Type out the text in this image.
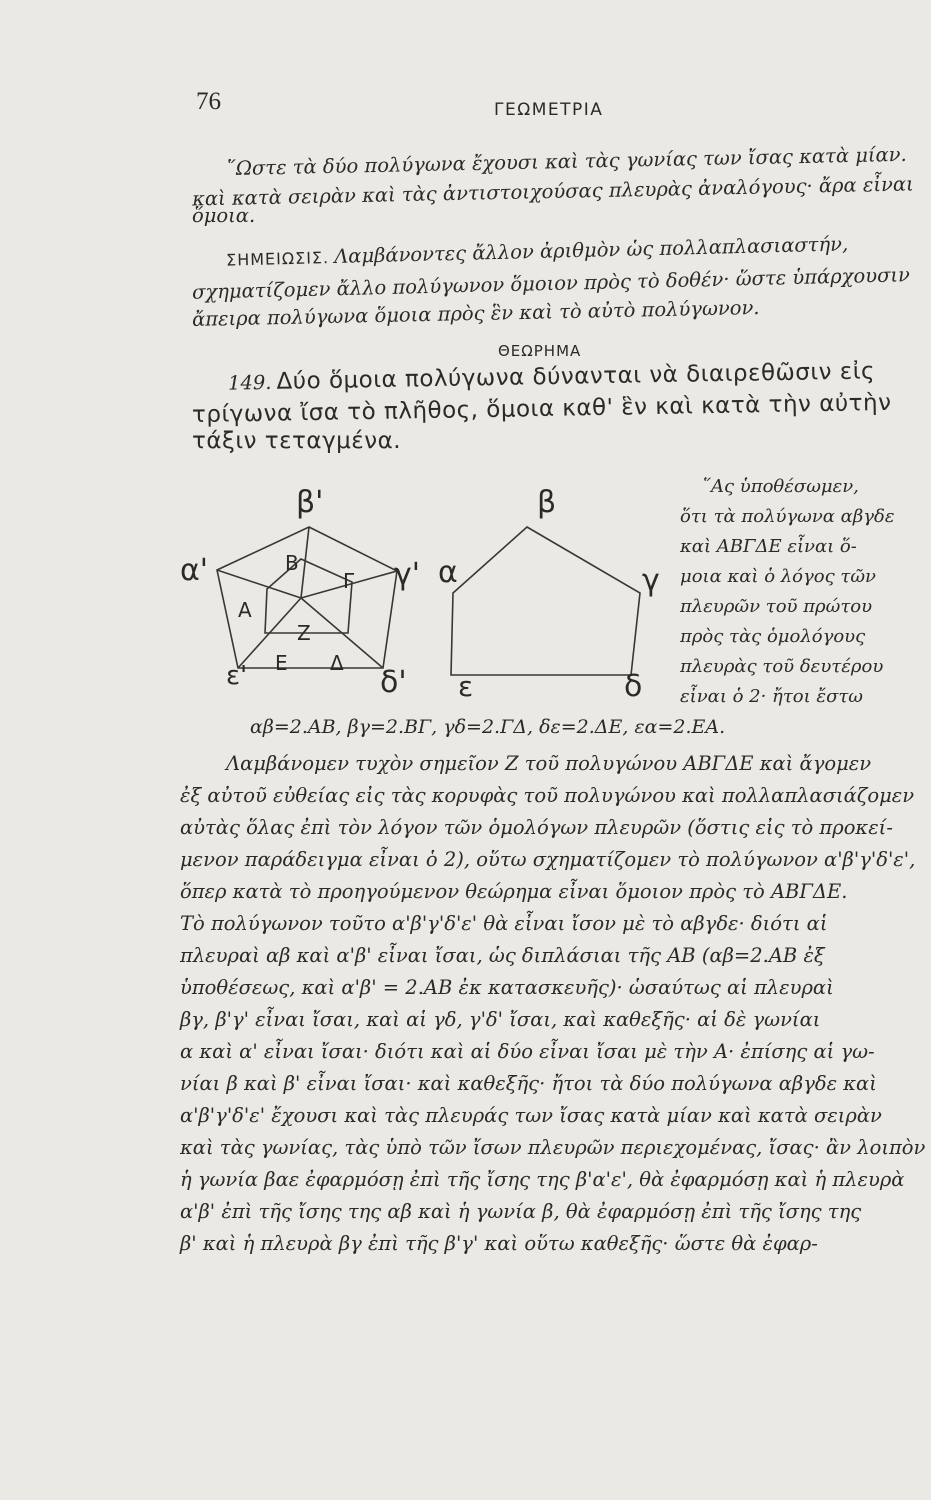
76	ΓΕΩΜΕΤΡΙΑ
῞Ωστε τὰ δύο πολύγωνα ἔχουσι καὶ τὰς γωνίας των ἴσας κατὰ μίαν.
καὶ κατὰ σειρὰν καὶ τὰς ἀντιστοιχούσας πλευρὰς ἀναλόγους· ἄρα εἶναι
ὅμοια.
ΣΗΜΕΙΩΣΙΣ. Λαμβάνοντες ἄλλον ἀριθμὸν ὡς πολλαπλασιαστήν,
σχηματίζομεν ἄλλο πολύγωνον ὅμοιον πρὸς τὸ δοθέν· ὥστε ὑπάρχουσιν
ἄπειρα πολύγωνα ὅμοια πρὸς ἓν καὶ τὸ αὐτὸ πολύγωνον.
ΘΕΩΡΗΜΑ
149. Δύο ὅμοια πολύγωνα δύνανται νὰ διαιρεθῶσιν εἰς
τρίγωνα ἴσα τὸ πλῆθος, ὅμοια καθ' ἓν καὶ κατὰ τὴν αὐτὴν
τάξιν τεταγμένα.
β'
α'	γ'
δ'
ε'
Β
Γ
Α
Ζ
Ε Δ
β
α	γ
ε	δ
῞Ας ὑποθέσωμεν,
ὅτι τὰ πολύγωνα αβγδε
καὶ ΑΒΓΔΕ εἶναι ὅ-
μοια καὶ ὁ λόγος τῶν
πλευρῶν τοῦ πρώτου
πρὸς τὰς ὁμολόγους
πλευρὰς τοῦ δευτέρου
εἶναι ὁ 2· ἤτοι ἔστω
αβ=2.ΑΒ, βγ=2.ΒΓ, γδ=2.ΓΔ, δε=2.ΔΕ, εα=2.ΕΑ.
Λαμβάνομεν τυχὸν σημεῖον Ζ τοῦ πολυγώνου ΑΒΓΔΕ καὶ ἄγομεν
ἐξ αὐτοῦ εὐθείας εἰς τὰς κορυφὰς τοῦ πολυγώνου καὶ πολλαπλασιάζομεν
αὐτὰς ὅλας ἐπὶ τὸν λόγον τῶν ὁμολόγων πλευρῶν (ὅστις εἰς τὸ προκεί-
μενον παράδειγμα εἶναι ὁ 2), οὕτω σχηματίζομεν τὸ πολύγωνον α'β'γ'δ'ε',
ὅπερ κατὰ τὸ προηγούμενον θεώρημα εἶναι ὅμοιον πρὸς τὸ ΑΒΓΔΕ.
Τὸ πολύγωνον τοῦτο α'β'γ'δ'ε' θὰ εἶναι ἴσον μὲ τὸ αβγδε· διότι αἱ
πλευραὶ αβ καὶ α'β' εἶναι ἴσαι, ὡς διπλάσιαι τῆς ΑΒ (αβ=2.ΑΒ ἐξ
ὑποθέσεως, καὶ α'β' = 2.ΑΒ ἐκ κατασκευῆς)· ὡσαύτως αἱ πλευραὶ
βγ, β'γ' εἶναι ἴσαι, καὶ αἱ γδ, γ'δ' ἴσαι, καὶ καθεξῆς· αἱ δὲ γωνίαι
α καὶ α' εἶναι ἴσαι· διότι καὶ αἱ δύο εἶναι ἴσαι μὲ τὴν Α· ἐπίσης αἱ γω-
νίαι β καὶ β' εἶναι ἴσαι· καὶ καθεξῆς· ἤτοι τὰ δύο πολύγωνα αβγδε καὶ
α'β'γ'δ'ε' ἔχουσι καὶ τὰς πλευράς των ἴσας κατὰ μίαν καὶ κατὰ σειρὰν
καὶ τὰς γωνίας, τὰς ὑπὸ τῶν ἴσων πλευρῶν περιεχομένας, ἴσας· ἂν λοιπὸν
ἡ γωνία βαε ἐφαρμόσῃ ἐπὶ τῆς ἴσης της β'α'ε', θὰ ἐφαρμόσῃ καὶ ἡ πλευρὰ
α'β' ἐπὶ τῆς ἴσης της αβ καὶ ἡ γωνία β, θὰ ἐφαρμόσῃ ἐπὶ τῆς ἴσης της
β' καὶ ἡ πλευρὰ βγ ἐπὶ τῆς β'γ' καὶ οὕτω καθεξῆς· ὥστε θὰ ἐφαρ-
